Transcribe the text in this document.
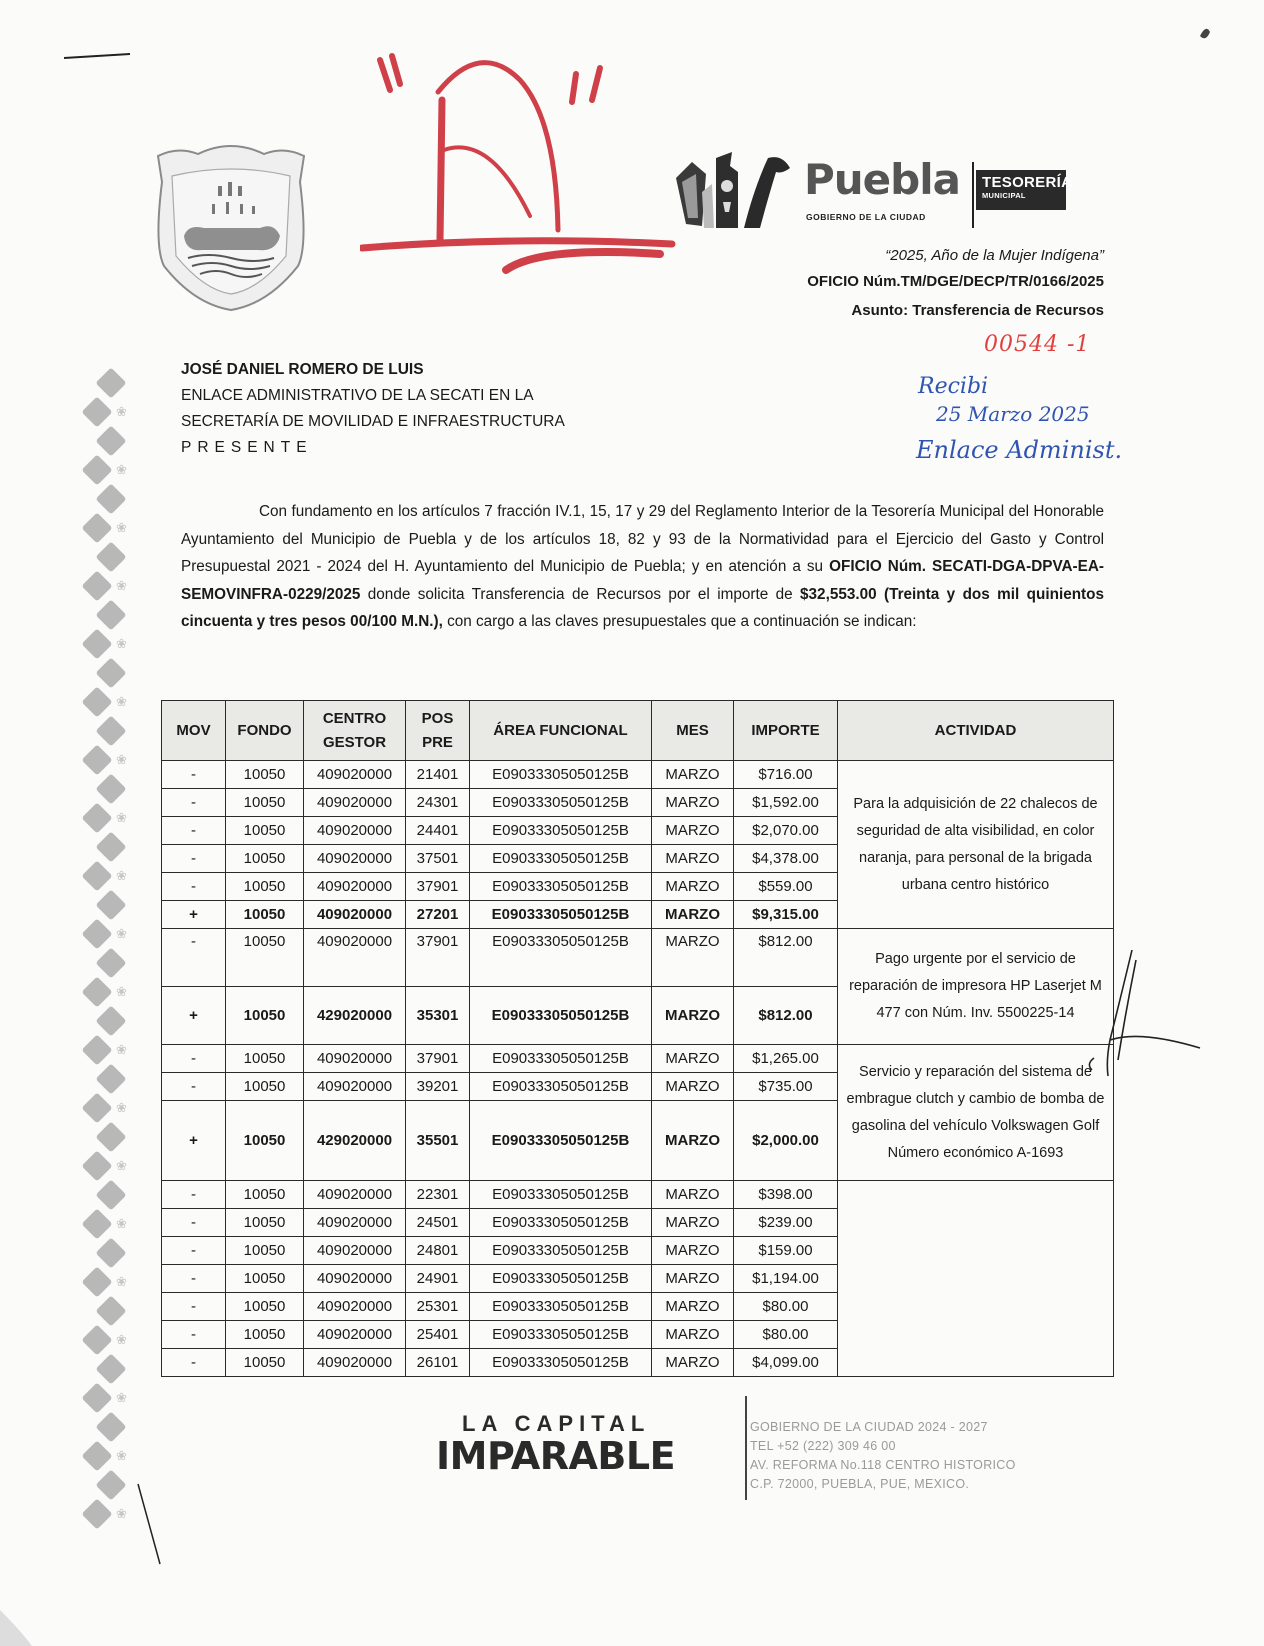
❀
❀
❀
❀
❀
❀
❀
❀
❀
❀
❀
❀
❀
❀
❀
❀
❀
❀
❀
❀
Puebla
GOBIERNO DE LA CIUDAD
TESORERÍA
MUNICIPAL
“2025, Año de la Mujer Indígena”
OFICIO Núm.TM/DGE/DECP/TR/0166/2025
Asunto: Transferencia de Recursos
00544 -1
Recibi
25 Marzo 2025
Enlace Administ.
JOSÉ DANIEL ROMERO DE LUIS
ENLACE ADMINISTRATIVO DE LA SECATI EN LA
SECRETARÍA DE MOVILIDAD E INFRAESTRUCTURA
PRESENTE

Con fundamento en los artículos 7 fracción IV.1, 15, 17 y 29 del Reglamento Interior de la Tesorería Municipal del Honorable Ayuntamiento del Municipio de Puebla y de los artículos 18, 82 y 93 de la Normatividad para el Ejercicio del Gasto y Control Presupuestal 2021 - 2024 del H. Ayuntamiento del Municipio de Puebla; y en atención a su OFICIO Núm. SECATI-DGA-DPVA-EA-SEMOVINFRA-0229/2025 donde solicita Transferencia de Recursos por el importe de $32,553.00 (Treinta y dos mil quinientos cincuenta y tres pesos 00/100 M.N.), con cargo a las claves presupuestales que a continuación se indican:

MOV	FONDO	CENTRO GESTOR	POS PRE	ÁREA FUNCIONAL	MES	IMPORTE	ACTIVIDAD
-	10050	409020000	21401	E09033305050125B	MARZO	$716.00	Para la adquisición de 22 chalecos de seguridad de alta visibilidad, en color naranja, para personal de la brigada urbana centro histórico
-	10050	409020000	24301	E09033305050125B	MARZO	$1,592.00	
-	10050	409020000	24401	E09033305050125B	MARZO	$2,070.00	
-	10050	409020000	37501	E09033305050125B	MARZO	$4,378.00	
-	10050	409020000	37901	E09033305050125B	MARZO	$559.00	
+	10050	409020000	27201	E09033305050125B	MARZO	$9,315.00	
-	10050	409020000	37901	E09033305050125B	MARZO	$812.00	Pago urgente por el servicio de reparación de impresora HP Laserjet M 477 con Núm. Inv. 5500225-14
+	10050	429020000	35301	E09033305050125B	MARZO	$812.00	
-	10050	409020000	37901	E09033305050125B	MARZO	$1,265.00	Servicio y reparación del sistema de embrague clutch y cambio de bomba de gasolina del vehículo Volkswagen Golf Número económico A-1693
-	10050	409020000	39201	E09033305050125B	MARZO	$735.00	
+	10050	429020000	35501	E09033305050125B	MARZO	$2,000.00	
-	10050	409020000	22301	E09033305050125B	MARZO	$398.00	
-	10050	409020000	24501	E09033305050125B	MARZO	$239.00	
-	10050	409020000	24801	E09033305050125B	MARZO	$159.00	
-	10050	409020000	24901	E09033305050125B	MARZO	$1,194.00	
-	10050	409020000	25301	E09033305050125B	MARZO	$80.00	
-	10050	409020000	25401	E09033305050125B	MARZO	$80.00	
-	10050	409020000	26101	E09033305050125B	MARZO	$4,099.00	
LA CAPITAL
IMPARABLE
GOBIERNO DE LA CIUDAD 2024 - 2027
TEL +52 (222) 309 46 00
AV. REFORMA No.118 CENTRO HISTORICO
C.P. 72000, PUEBLA, PUE, MEXICO.
